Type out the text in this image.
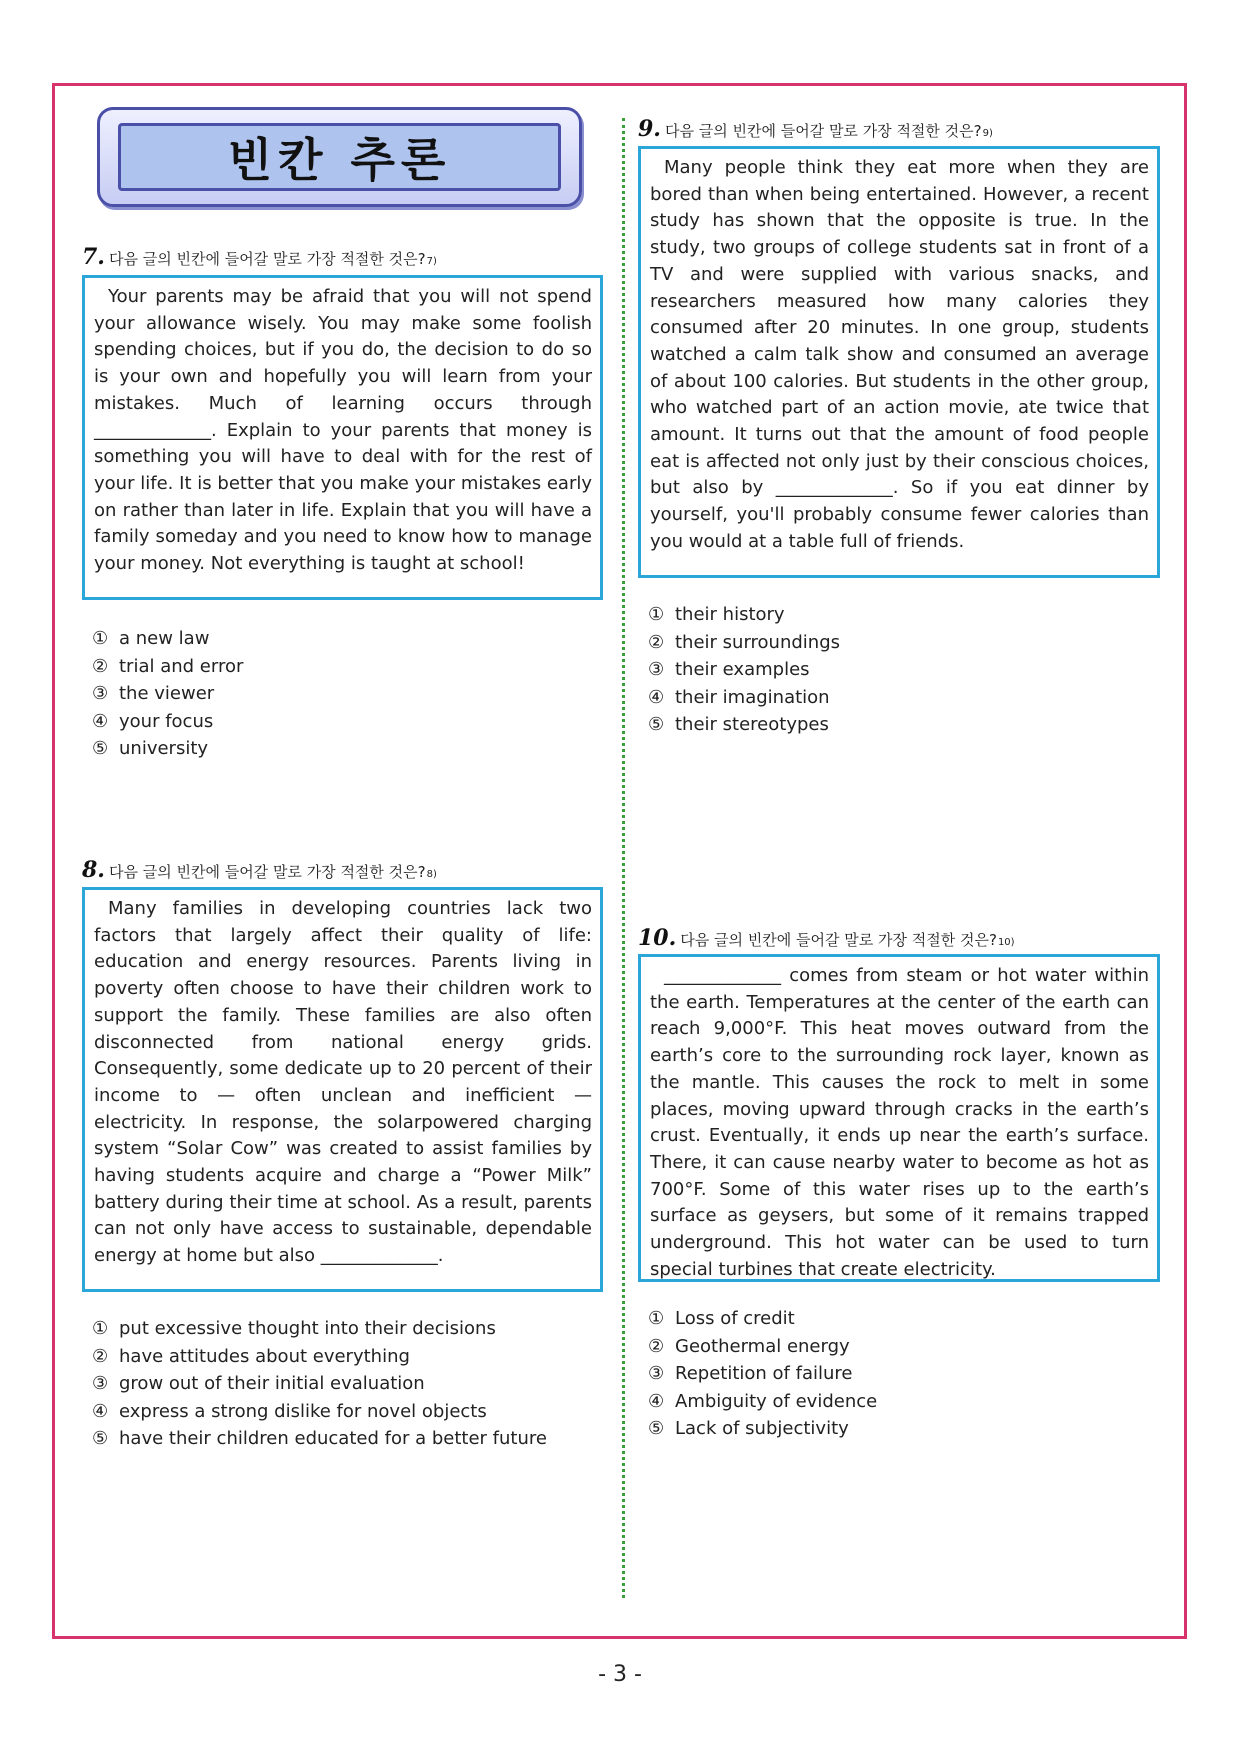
빈칸 추론
7. 다음 글의 빈칸에 들어갈 말로 가장 적절한 것은? 7)

Your parents may be afraid that you will not spend your allowance wisely. You may make some foolish spending choices, but if you do, the decision to do so is your own and hopefully you will learn from your mistakes. Much of learning occurs through _____________. Explain to your parents that money is something you will have to deal with for the rest of your life. It is better that you make your mistakes early on rather than later in life. Explain that you will have a family someday and you need to know how to manage your money. Not everything is taught at school!

① a new law
② trial and error
③ the viewer
④ your focus
⑤ university
8. 다음 글의 빈칸에 들어갈 말로 가장 적절한 것은? 8)

Many families in developing countries lack two factors that largely affect their quality of life: education and energy resources. Parents living in poverty often choose to have their children work to support the family. These families are also often disconnected from national energy grids. Consequently, some dedicate up to 20 percent of their income to — often unclean and inefficient — electricity. In response, the solarpowered charging system “Solar Cow” was created to assist families by having students acquire and charge a “Power Milk” battery during their time at school. As a result, parents can not only have access to sustainable, dependable energy at home but also _____________.

① put excessive thought into their decisions
② have attitudes about everything
③ grow out of their initial evaluation
④ express a strong dislike for novel objects
⑤ have their children educated for a better future
9. 다음 글의 빈칸에 들어갈 말로 가장 적절한 것은? 9)

Many people think they eat more when they are bored than when being entertained. However, a recent study has shown that the opposite is true. In the study, two groups of college students sat in front of a TV and were supplied with various snacks, and researchers measured how many calories they consumed after 20 minutes. In one group, students watched a calm talk show and consumed an average of about 100 calories. But students in the other group, who watched part of an action movie, ate twice that amount. It turns out that the amount of food people eat is affected not only just by their conscious choices, but also by _____________. So if you eat dinner by yourself, you'll probably consume fewer calories than you would at a table full of friends.

① their history
② their surroundings
③ their examples
④ their imagination
⑤ their stereotypes
10. 다음 글의 빈칸에 들어갈 말로 가장 적절한 것은? 10)

_____________ comes from steam or hot water within the earth. Temperatures at the center of the earth can reach 9,000°F. This heat moves outward from the earth’s core to the surrounding rock layer, known as the mantle. This causes the rock to melt in some places, moving upward through cracks in the earth’s crust. Eventually, it ends up near the earth’s surface. There, it can cause nearby water to become as hot as 700°F. Some of this water rises up to the earth’s surface as geysers, but some of it remains trapped underground. This hot water can be used to turn special turbines that create electricity.

① Loss of credit
② Geothermal energy
③ Repetition of failure
④ Ambiguity of evidence
⑤ Lack of subjectivity
- 3 -
